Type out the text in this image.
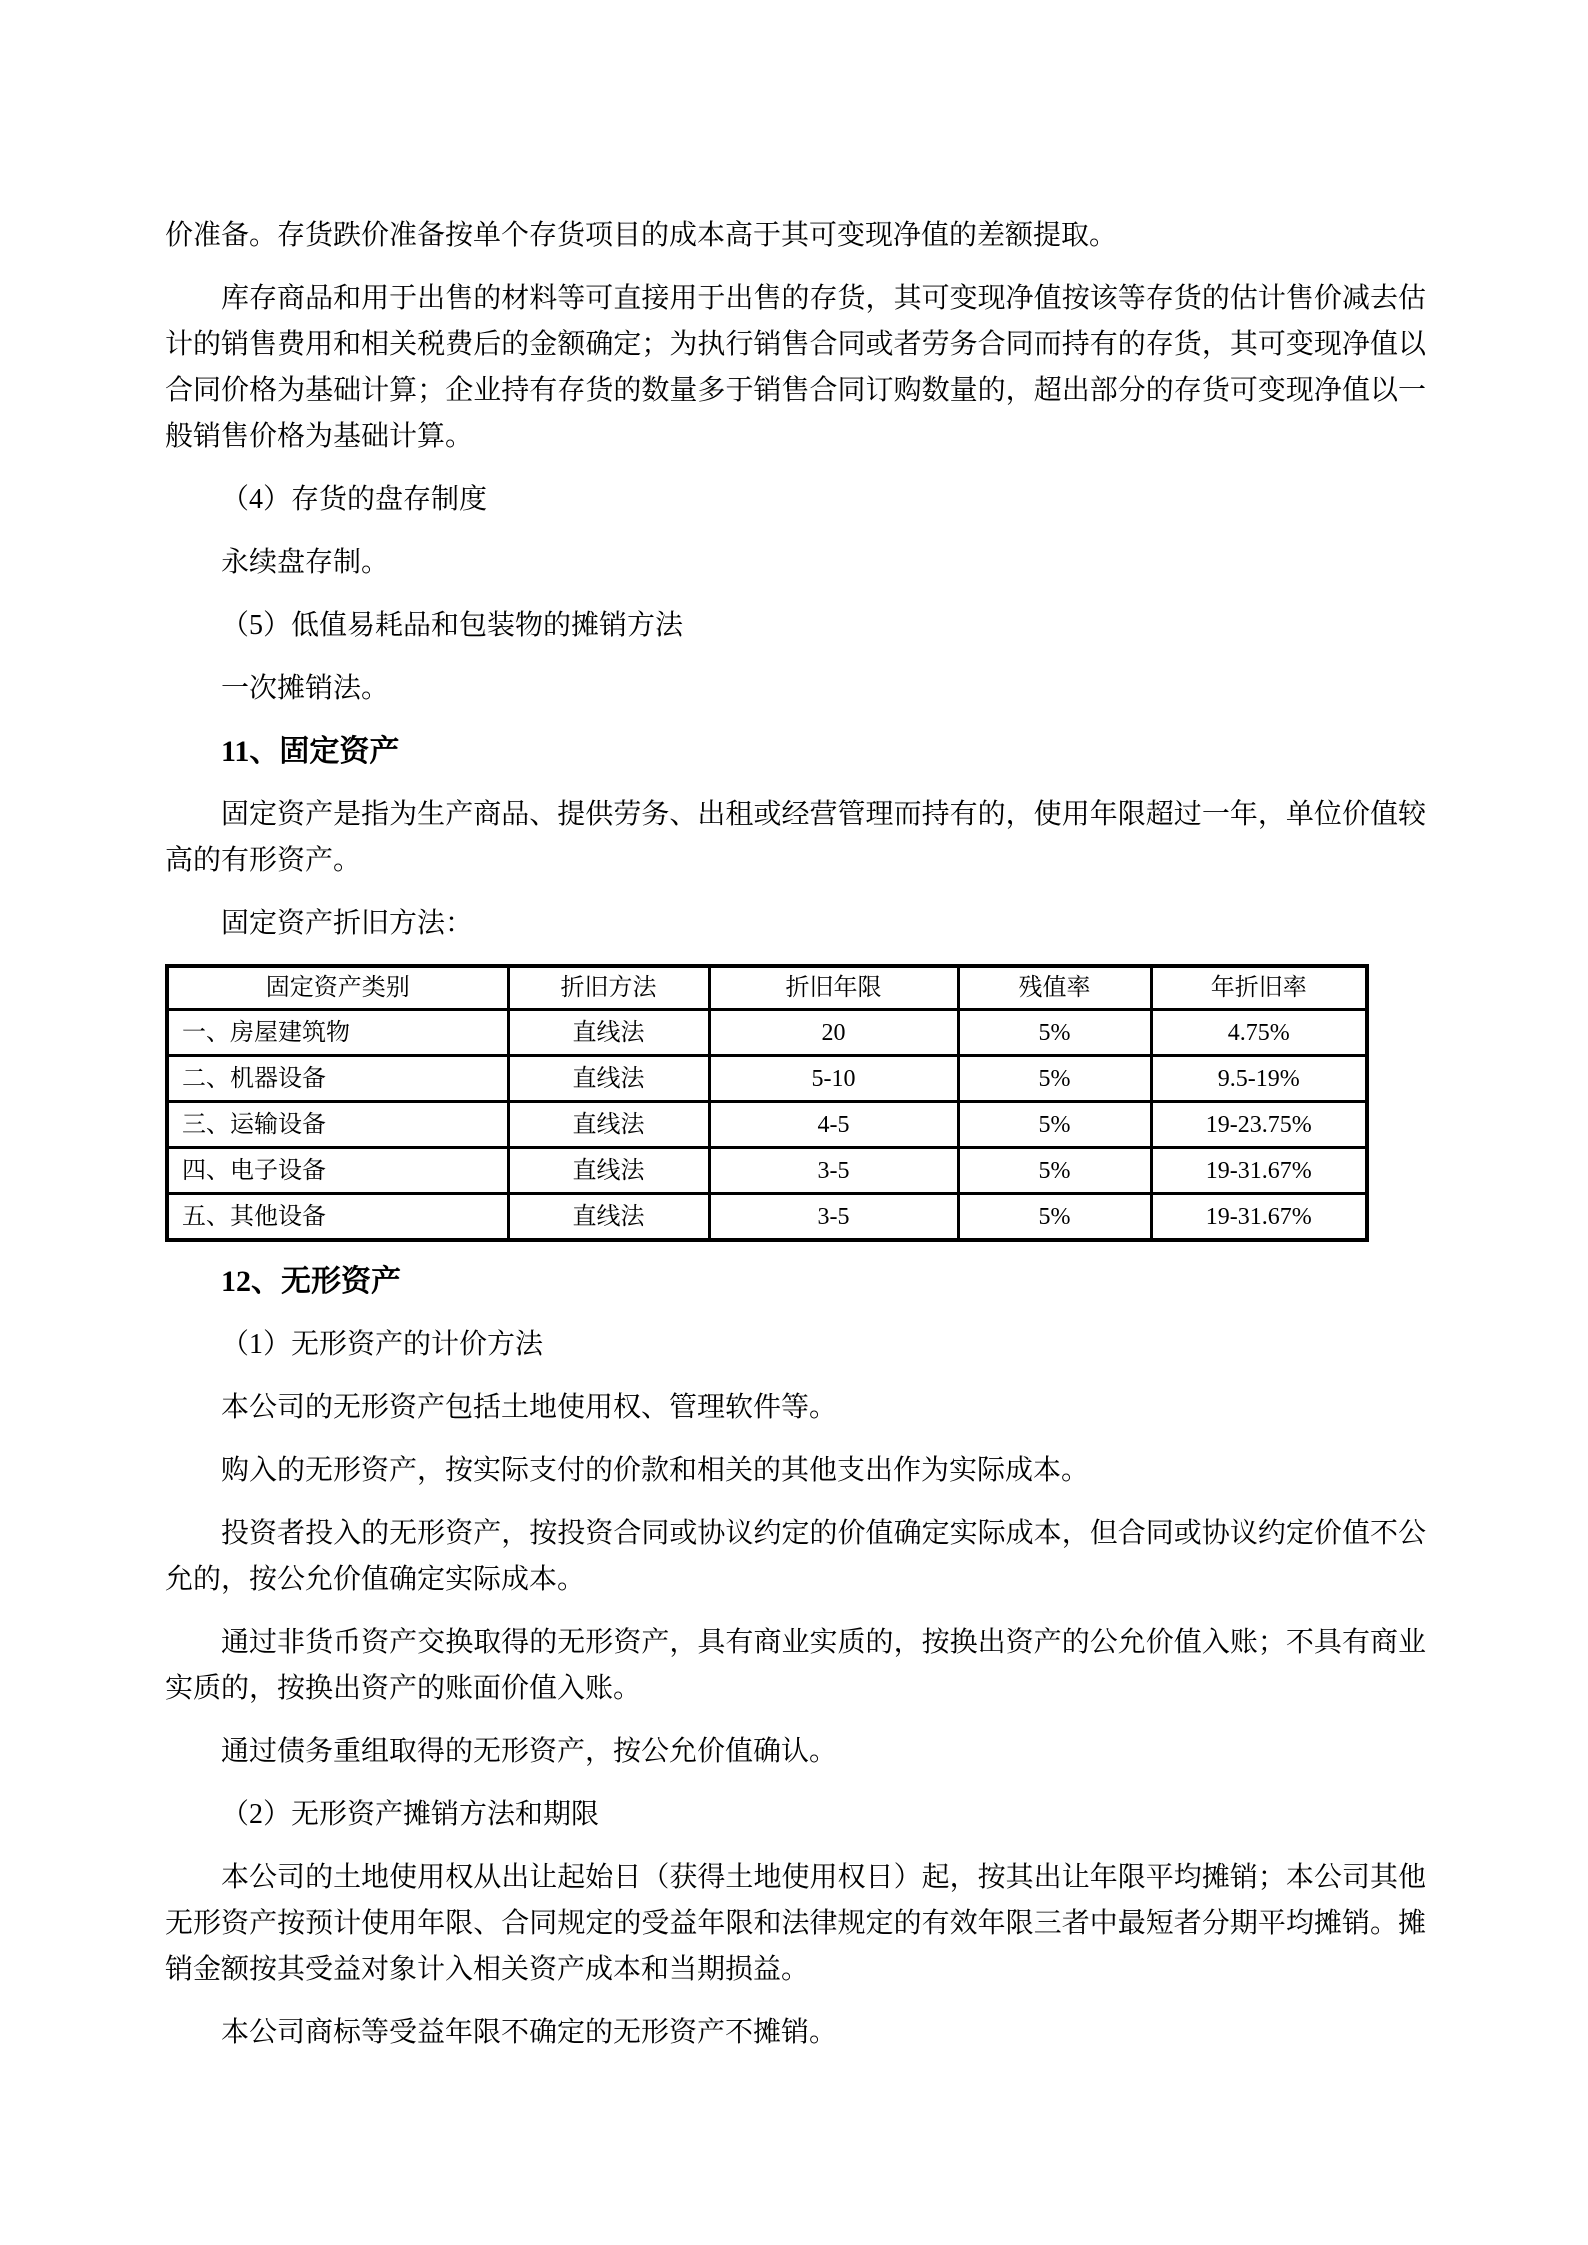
价准备。存货跌价准备按单个存货项目的成本高于其可变现净值的差额提取。

库存商品和用于出售的材料等可直接用于出售的存货，其可变现净值按该等存货的估计售价减去估计的销售费用和相关税费后的金额确定；为执行销售合同或者劳务合同而持有的存货，其可变现净值以合同价格为基础计算；企业持有存货的数量多于销售合同订购数量的，超出部分的存货可变现净值以一般销售价格为基础计算。

（4）存货的盘存制度

永续盘存制。

（5）低值易耗品和包装物的摊销方法

一次摊销法。

11、固定资产

固定资产是指为生产商品、提供劳务、出租或经营管理而持有的，使用年限超过一年，单位价值较高的有形资产。

固定资产折旧方法：

固定资产类别	折旧方法	折旧年限	残值率	年折旧率
一、房屋建筑物	直线法	20	5%	4.75%
二、机器设备	直线法	5-10	5%	9.5-19%
三、运输设备	直线法	4-5	5%	19-23.75%
四、电子设备	直线法	3-5	5%	19-31.67%
五、其他设备	直线法	3-5	5%	19-31.67%

12、无形资产

（1）无形资产的计价方法

本公司的无形资产包括土地使用权、管理软件等。

购入的无形资产，按实际支付的价款和相关的其他支出作为实际成本。

投资者投入的无形资产，按投资合同或协议约定的价值确定实际成本，但合同或协议约定价值不公允的，按公允价值确定实际成本。

通过非货币资产交换取得的无形资产，具有商业实质的，按换出资产的公允价值入账；不具有商业实质的，按换出资产的账面价值入账。

通过债务重组取得的无形资产，按公允价值确认。

（2）无形资产摊销方法和期限

本公司的土地使用权从出让起始日（获得土地使用权日）起，按其出让年限平均摊销；本公司其他无形资产按预计使用年限、合同规定的受益年限和法律规定的有效年限三者中最短者分期平均摊销。摊销金额按其受益对象计入相关资产成本和当期损益。

本公司商标等受益年限不确定的无形资产不摊销。
